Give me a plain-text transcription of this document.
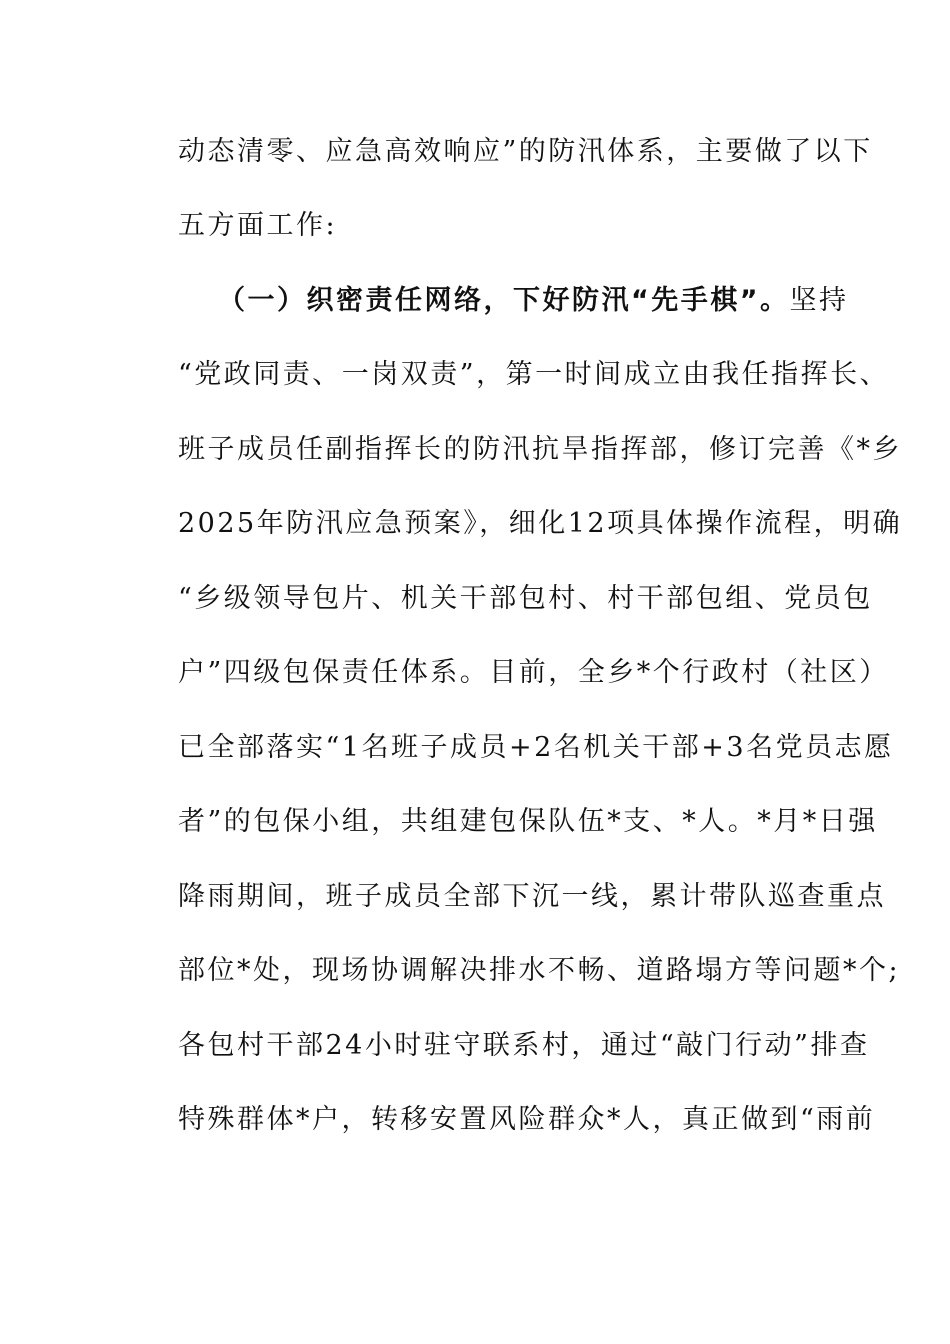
动态清零、应急高效响应”的防汛体系，主要做了以下
五方面工作:
（一）织密责任网络，下好防汛“先手棋”。坚持
“党政同责、一岗双责”，第一时间成立由我任指挥长、
班子成员任副指挥长的防汛抗旱指挥部，修订完善《*乡
2025年防汛应急预案》，细化12项具体操作流程，明确
“乡级领导包片、机关干部包村、村干部包组、党员包
户”四级包保责任体系。目前，全乡*个行政村（社区）
已全部落实“1名班子成员+2名机关干部+3名党员志愿
者”的包保小组，共组建包保队伍*支、*人。*月*日强
降雨期间，班子成员全部下沉一线，累计带队巡查重点
部位*处，现场协调解决排水不畅、道路塌方等问题*个;
各包村干部24小时驻守联系村，通过“敲门行动”排查
特殊群体*户，转移安置风险群众*人，真正做到“雨前
